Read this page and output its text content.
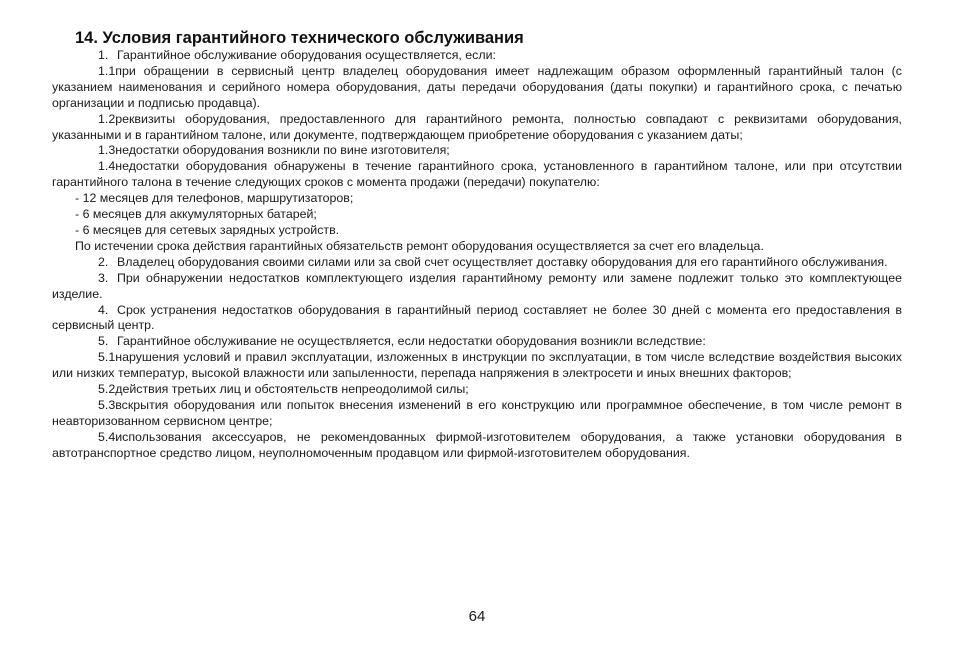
14. Условия гарантийного технического обслуживания

1. Гарантийное обслуживание оборудования осуществляется, если:

1.1при обращении в сервисный центр владелец оборудования имеет надлежащим образом оформленный гарантийный талон (с указанием наименования и серийного номера оборудования, даты передачи оборудования (даты покупки) и гарантийного срока, с печатью организации и подписью продавца).

1.2реквизиты оборудования, предоставленного для гарантийного ремонта, полностью совпадают с реквизитами оборудования, указанными и в гарантийном талоне, или документе, подтверждающем приобретение оборудования с указанием даты;

1.3недостатки оборудования возникли по вине изготовителя;

1.4недостатки оборудования обнаружены в течение гарантийного срока, установленного в гарантийном талоне, или при отсутствии гарантийного талона в течение следующих сроков с момента продажи (передачи) покупателю:

- 12 месяцев для телефонов, маршрутизаторов;

- 6 месяцев для аккумуляторных батарей;

- 6 месяцев для сетевых зарядных устройств.

По истечении срока действия гарантийных обязательств ремонт оборудования осуществляется за счет его владельца.

2. Владелец оборудования своими силами или за свой счет осуществляет доставку оборудования для его гарантийного обслуживания.

3. При обнаружении недостатков комплектующего изделия гарантийному ремонту или замене подлежит только это комплектующее изделие.

4. Срок устранения недостатков оборудования в гарантийный период составляет не более 30 дней с момента его предоставления в сервисный центр.

5. Гарантийное обслуживание не осуществляется, если недостатки оборудования возникли вследствие:

5.1нарушения условий и правил эксплуатации, изложенных в инструкции по эксплуатации, в том числе вследствие воздействия высоких или низких температур, высокой влажности или запыленности, перепада напряжения в электросети и иных внешних факторов;

5.2действия третьих лиц и обстоятельств непреодолимой силы;

5.3вскрытия оборудования или попыток внесения изменений в его конструкцию или программное обеспечение, в том числе ремонт в неавторизованном сервисном центре;

5.4использования аксессуаров, не рекомендованных фирмой-изготовителем оборудования, а также установки оборудования в автотранспортное средство лицом, неуполномоченным продавцом или фирмой-изготовителем оборудования.

64
